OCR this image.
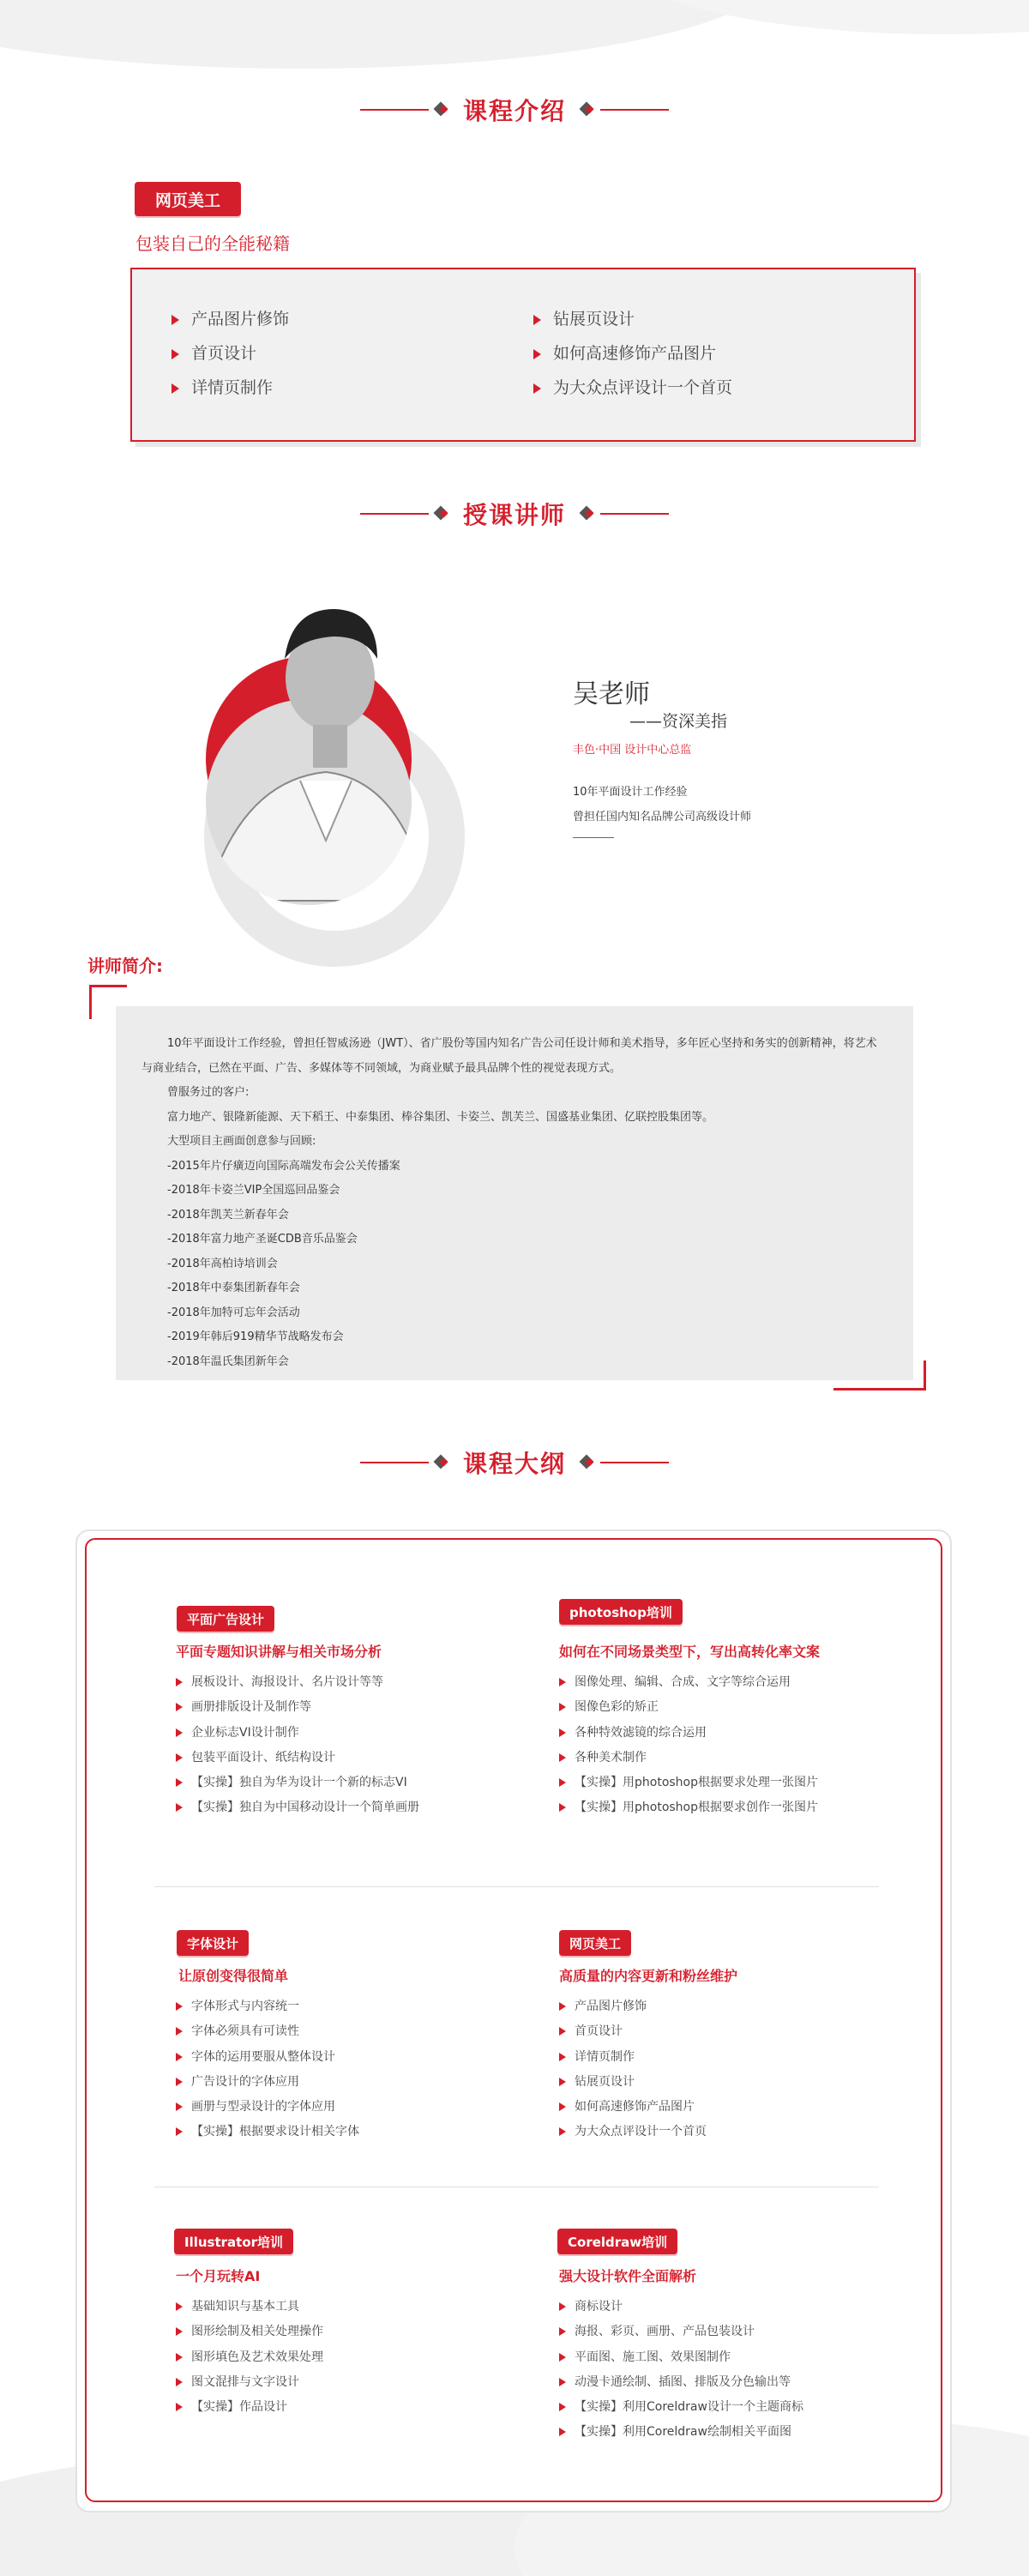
课程介绍
网页美工
包装自己的全能秘籍
产品图片修饰
首页设计
详情页制作
钻展页设计
如何高速修饰产品图片
为大众点评设计一个首页
授课讲师
吴老师
——资深美指
丰色·中国 设计中心总监
10年平面设计工作经验
曾担任国内知名品牌公司高级设计师
讲师简介:

10年平面设计工作经验，曾担任智威汤逊（JWT）、省广股份等国内知名广告公司任设计师和美术指导，多年匠心坚持和务实的创新精神，将艺术与商业结合，已然在平面、广告、多媒体等不同领域，为商业赋予最具品牌个性的视觉表现方式。

曾服务过的客户:

富力地产、银隆新能源、天下稻王、中泰集团、棒谷集团、卡姿兰、凯芙兰、国盛基业集团、亿联控股集团等。

大型项目主画面创意参与回顾:

-2015年片仔癀迈向国际高端发布会公关传播案

-2018年卡姿兰VIP全国巡回品鉴会

-2018年凯芙兰新春年会

-2018年富力地产圣诞CDB音乐品鉴会

-2018年高柏诗培训会

-2018年中泰集团新春年会

-2018年加特可忘年会活动

-2019年韩后919精华节战略发布会

-2018年温氏集团新年会

课程大纲
平面广告设计
平面专题知识讲解与相关市场分析
展板设计、海报设计、名片设计等等
画册排版设计及制作等
企业标志VI设计制作
包装平面设计、纸结构设计
【实操】独自为华为设计一个新的标志VI
【实操】独自为中国移动设计一个简单画册
photoshop培训
如何在不同场景类型下，写出高转化率文案
图像处理、编辑、合成、文字等综合运用
图像色彩的矫正
各种特效滤镜的综合运用
各种美术制作
【实操】用photoshop根据要求处理一张图片
【实操】用photoshop根据要求创作一张图片
字体设计
让原创变得很简单
字体形式与内容统一
字体必须具有可读性
字体的运用要服从整体设计
广告设计的字体应用
画册与型录设计的字体应用
【实操】根据要求设计相关字体
网页美工
高质量的内容更新和粉丝维护
产品图片修饰
首页设计
详情页制作
钻展页设计
如何高速修饰产品图片
为大众点评设计一个首页
Illustrator培训
一个月玩转AI
基础知识与基本工具
图形绘制及相关处理操作
图形填色及艺术效果处理
图文混排与文字设计
【实操】作品设计
Coreldraw培训
强大设计软件全面解析
商标设计
海报、彩页、画册、产品包装设计
平面图、施工图、效果图制作
动漫卡通绘制、插图、排版及分色输出等
【实操】利用Coreldraw设计一个主题商标
【实操】利用Coreldraw绘制相关平面图
